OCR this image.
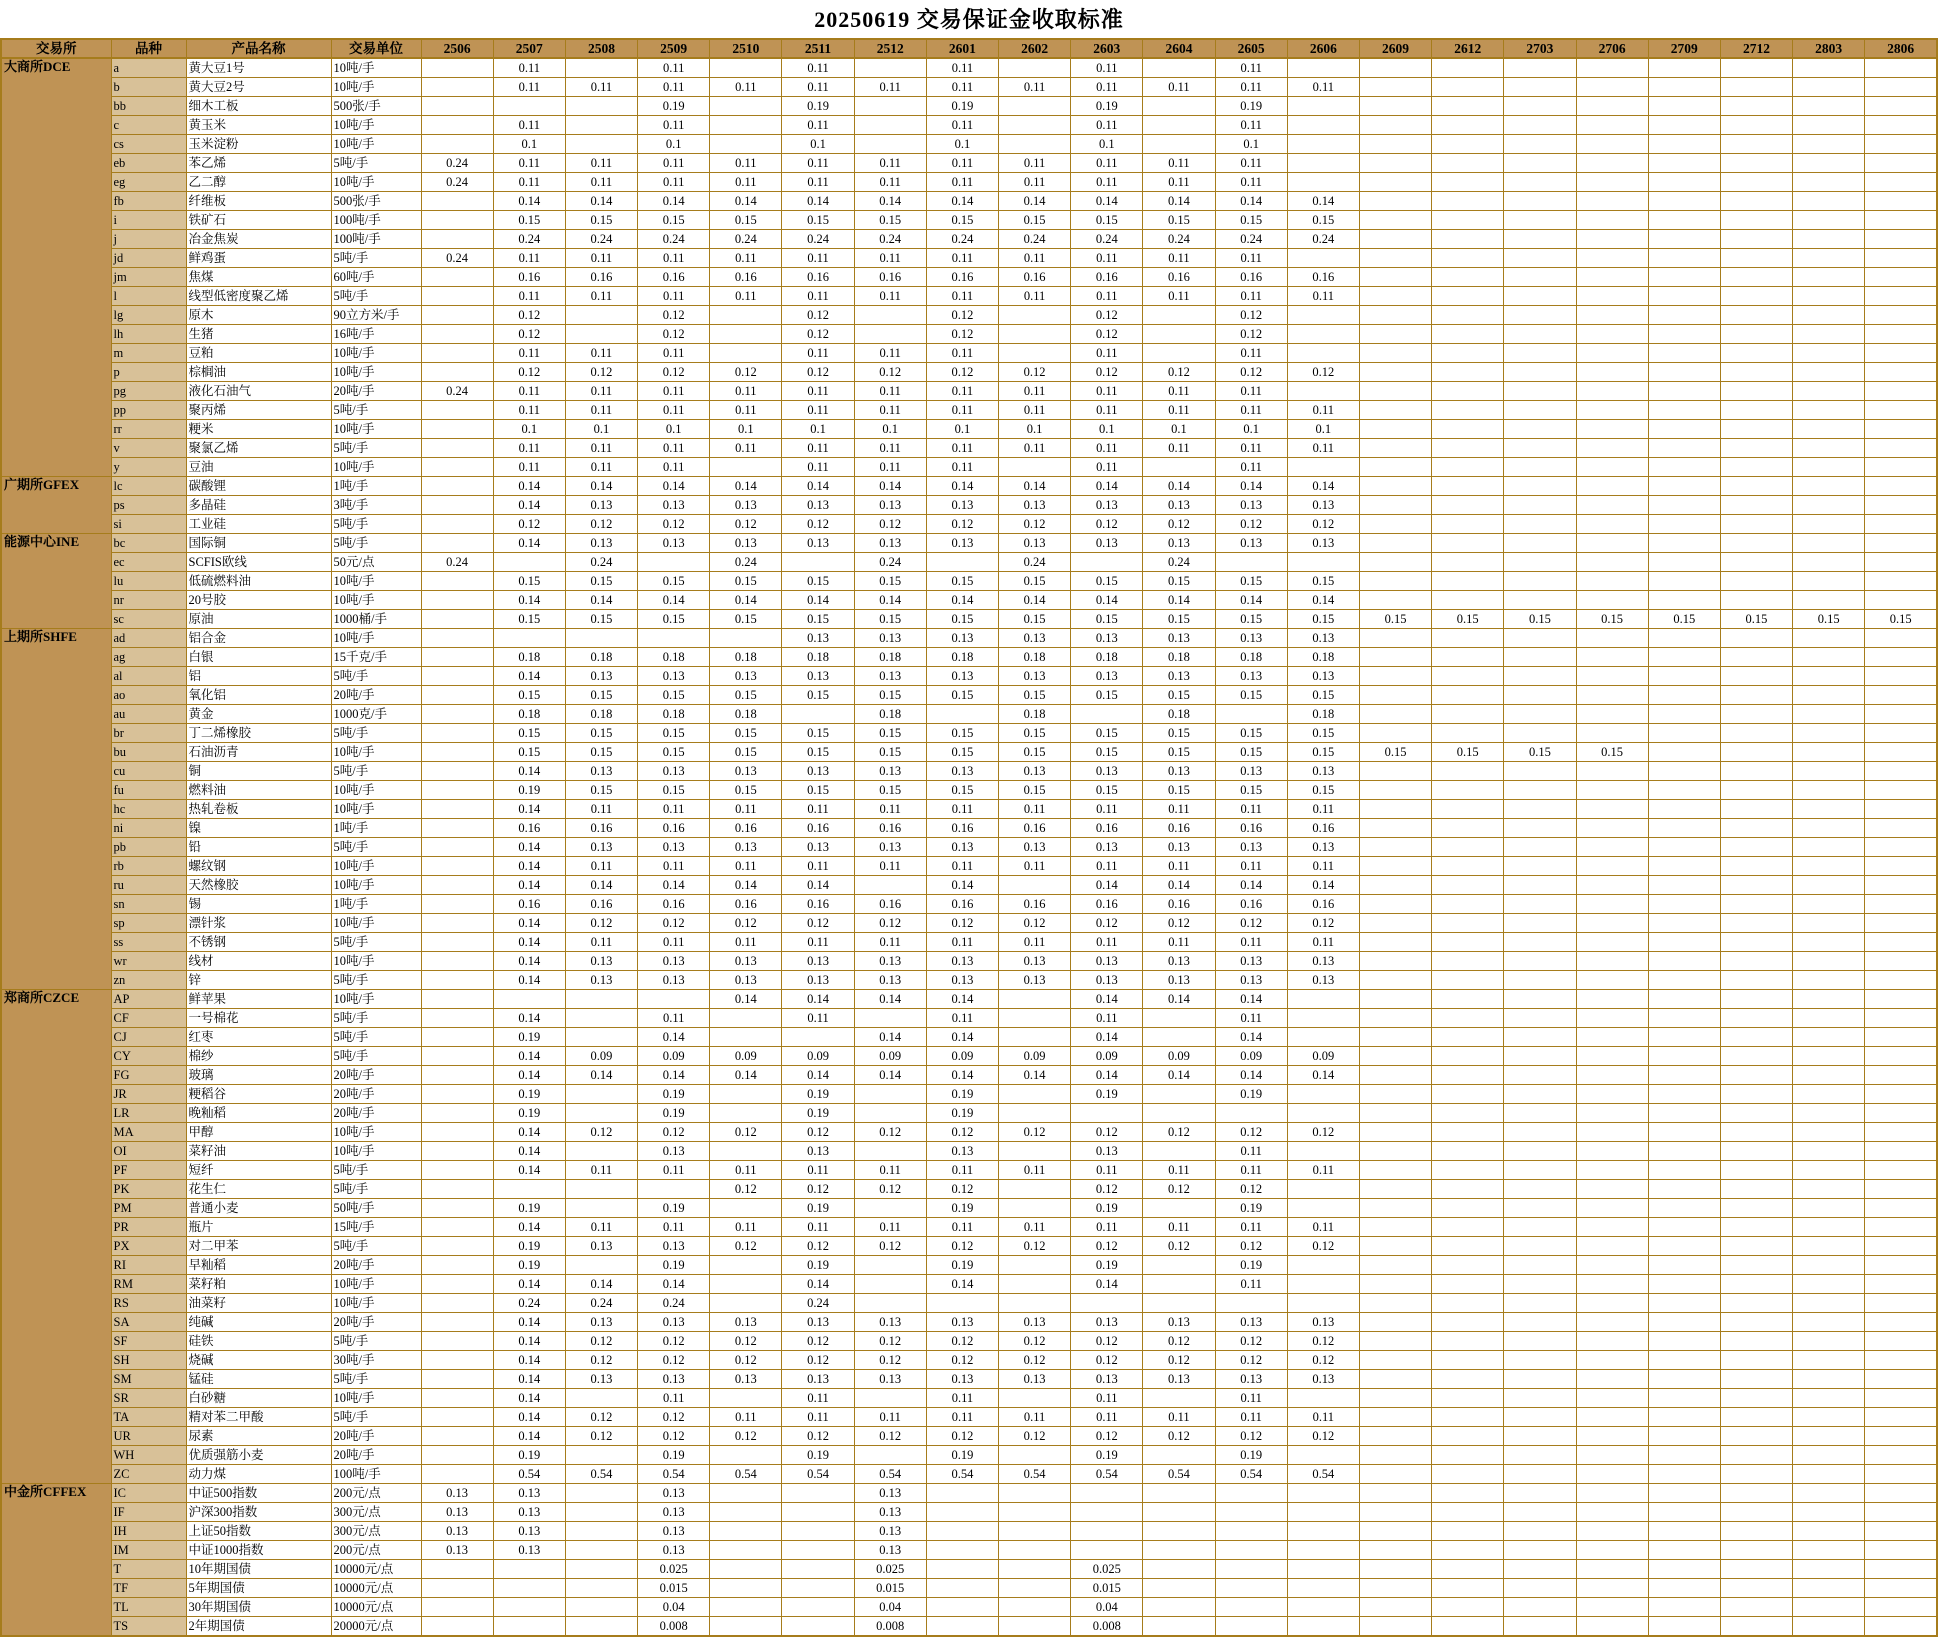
20250619 交易保证金收取标准
交易所	品种	产品名称	交易单位	2506	2507	2508	2509	2510	2511	2512	2601	2602	2603	2604	2605	2606	2609	2612	2703	2706	2709	2712	2803	2806
大商所DCE	a	黄大豆1号	10吨/手		0.11		0.11		0.11		0.11		0.11		0.11									
	b	黄大豆2号	10吨/手		0.11	0.11	0.11	0.11	0.11	0.11	0.11	0.11	0.11	0.11	0.11	0.11								
	bb	细木工板	500张/手				0.19		0.19		0.19		0.19		0.19									
	c	黄玉米	10吨/手		0.11		0.11		0.11		0.11		0.11		0.11									
	cs	玉米淀粉	10吨/手		0.1		0.1		0.1		0.1		0.1		0.1									
	eb	苯乙烯	5吨/手	0.24	0.11	0.11	0.11	0.11	0.11	0.11	0.11	0.11	0.11	0.11	0.11									
	eg	乙二醇	10吨/手	0.24	0.11	0.11	0.11	0.11	0.11	0.11	0.11	0.11	0.11	0.11	0.11									
	fb	纤维板	500张/手		0.14	0.14	0.14	0.14	0.14	0.14	0.14	0.14	0.14	0.14	0.14	0.14								
	i	铁矿石	100吨/手		0.15	0.15	0.15	0.15	0.15	0.15	0.15	0.15	0.15	0.15	0.15	0.15								
	j	冶金焦炭	100吨/手		0.24	0.24	0.24	0.24	0.24	0.24	0.24	0.24	0.24	0.24	0.24	0.24								
	jd	鲜鸡蛋	5吨/手	0.24	0.11	0.11	0.11	0.11	0.11	0.11	0.11	0.11	0.11	0.11	0.11									
	jm	焦煤	60吨/手		0.16	0.16	0.16	0.16	0.16	0.16	0.16	0.16	0.16	0.16	0.16	0.16								
	l	线型低密度聚乙烯	5吨/手		0.11	0.11	0.11	0.11	0.11	0.11	0.11	0.11	0.11	0.11	0.11	0.11								
	lg	原木	90立方米/手		0.12		0.12		0.12		0.12		0.12		0.12									
	lh	生猪	16吨/手		0.12		0.12		0.12		0.12		0.12		0.12									
	m	豆粕	10吨/手		0.11	0.11	0.11		0.11	0.11	0.11		0.11		0.11									
	p	棕榈油	10吨/手		0.12	0.12	0.12	0.12	0.12	0.12	0.12	0.12	0.12	0.12	0.12	0.12								
	pg	液化石油气	20吨/手	0.24	0.11	0.11	0.11	0.11	0.11	0.11	0.11	0.11	0.11	0.11	0.11									
	pp	聚丙烯	5吨/手		0.11	0.11	0.11	0.11	0.11	0.11	0.11	0.11	0.11	0.11	0.11	0.11								
	rr	粳米	10吨/手		0.1	0.1	0.1	0.1	0.1	0.1	0.1	0.1	0.1	0.1	0.1	0.1								
	v	聚氯乙烯	5吨/手		0.11	0.11	0.11	0.11	0.11	0.11	0.11	0.11	0.11	0.11	0.11	0.11								
	y	豆油	10吨/手		0.11	0.11	0.11		0.11	0.11	0.11		0.11		0.11									
广期所GFEX	lc	碳酸锂	1吨/手		0.14	0.14	0.14	0.14	0.14	0.14	0.14	0.14	0.14	0.14	0.14	0.14								
	ps	多晶硅	3吨/手		0.14	0.13	0.13	0.13	0.13	0.13	0.13	0.13	0.13	0.13	0.13	0.13								
	si	工业硅	5吨/手		0.12	0.12	0.12	0.12	0.12	0.12	0.12	0.12	0.12	0.12	0.12	0.12								
能源中心INE	bc	国际铜	5吨/手		0.14	0.13	0.13	0.13	0.13	0.13	0.13	0.13	0.13	0.13	0.13	0.13								
	ec	SCFIS欧线	50元/点	0.24		0.24		0.24		0.24		0.24		0.24										
	lu	低硫燃料油	10吨/手		0.15	0.15	0.15	0.15	0.15	0.15	0.15	0.15	0.15	0.15	0.15	0.15								
	nr	20号胶	10吨/手		0.14	0.14	0.14	0.14	0.14	0.14	0.14	0.14	0.14	0.14	0.14	0.14								
	sc	原油	1000桶/手		0.15	0.15	0.15	0.15	0.15	0.15	0.15	0.15	0.15	0.15	0.15	0.15	0.15	0.15	0.15	0.15	0.15	0.15	0.15	0.15
上期所SHFE	ad	铝合金	10吨/手						0.13	0.13	0.13	0.13	0.13	0.13	0.13	0.13								
	ag	白银	15千克/手		0.18	0.18	0.18	0.18	0.18	0.18	0.18	0.18	0.18	0.18	0.18	0.18								
	al	铝	5吨/手		0.14	0.13	0.13	0.13	0.13	0.13	0.13	0.13	0.13	0.13	0.13	0.13								
	ao	氧化铝	20吨/手		0.15	0.15	0.15	0.15	0.15	0.15	0.15	0.15	0.15	0.15	0.15	0.15								
	au	黄金	1000克/手		0.18	0.18	0.18	0.18		0.18		0.18		0.18		0.18								
	br	丁二烯橡胶	5吨/手		0.15	0.15	0.15	0.15	0.15	0.15	0.15	0.15	0.15	0.15	0.15	0.15								
	bu	石油沥青	10吨/手		0.15	0.15	0.15	0.15	0.15	0.15	0.15	0.15	0.15	0.15	0.15	0.15	0.15	0.15	0.15	0.15				
	cu	铜	5吨/手		0.14	0.13	0.13	0.13	0.13	0.13	0.13	0.13	0.13	0.13	0.13	0.13								
	fu	燃料油	10吨/手		0.19	0.15	0.15	0.15	0.15	0.15	0.15	0.15	0.15	0.15	0.15	0.15								
	hc	热轧卷板	10吨/手		0.14	0.11	0.11	0.11	0.11	0.11	0.11	0.11	0.11	0.11	0.11	0.11								
	ni	镍	1吨/手		0.16	0.16	0.16	0.16	0.16	0.16	0.16	0.16	0.16	0.16	0.16	0.16								
	pb	铅	5吨/手		0.14	0.13	0.13	0.13	0.13	0.13	0.13	0.13	0.13	0.13	0.13	0.13								
	rb	螺纹钢	10吨/手		0.14	0.11	0.11	0.11	0.11	0.11	0.11	0.11	0.11	0.11	0.11	0.11								
	ru	天然橡胶	10吨/手		0.14	0.14	0.14	0.14	0.14		0.14		0.14	0.14	0.14	0.14								
	sn	锡	1吨/手		0.16	0.16	0.16	0.16	0.16	0.16	0.16	0.16	0.16	0.16	0.16	0.16								
	sp	漂针浆	10吨/手		0.14	0.12	0.12	0.12	0.12	0.12	0.12	0.12	0.12	0.12	0.12	0.12								
	ss	不锈钢	5吨/手		0.14	0.11	0.11	0.11	0.11	0.11	0.11	0.11	0.11	0.11	0.11	0.11								
	wr	线材	10吨/手		0.14	0.13	0.13	0.13	0.13	0.13	0.13	0.13	0.13	0.13	0.13	0.13								
	zn	锌	5吨/手		0.14	0.13	0.13	0.13	0.13	0.13	0.13	0.13	0.13	0.13	0.13	0.13								
郑商所CZCE	AP	鲜苹果	10吨/手					0.14	0.14	0.14	0.14		0.14	0.14	0.14									
	CF	一号棉花	5吨/手		0.14		0.11		0.11		0.11		0.11		0.11									
	CJ	红枣	5吨/手		0.19		0.14			0.14	0.14		0.14		0.14									
	CY	棉纱	5吨/手		0.14	0.09	0.09	0.09	0.09	0.09	0.09	0.09	0.09	0.09	0.09	0.09								
	FG	玻璃	20吨/手		0.14	0.14	0.14	0.14	0.14	0.14	0.14	0.14	0.14	0.14	0.14	0.14								
	JR	粳稻谷	20吨/手		0.19		0.19		0.19		0.19		0.19		0.19									
	LR	晚籼稻	20吨/手		0.19		0.19		0.19		0.19													
	MA	甲醇	10吨/手		0.14	0.12	0.12	0.12	0.12	0.12	0.12	0.12	0.12	0.12	0.12	0.12								
	OI	菜籽油	10吨/手		0.14		0.13		0.13		0.13		0.13		0.11									
	PF	短纤	5吨/手		0.14	0.11	0.11	0.11	0.11	0.11	0.11	0.11	0.11	0.11	0.11	0.11								
	PK	花生仁	5吨/手					0.12	0.12	0.12	0.12		0.12	0.12	0.12									
	PM	普通小麦	50吨/手		0.19		0.19		0.19		0.19		0.19		0.19									
	PR	瓶片	15吨/手		0.14	0.11	0.11	0.11	0.11	0.11	0.11	0.11	0.11	0.11	0.11	0.11								
	PX	对二甲苯	5吨/手		0.19	0.13	0.13	0.12	0.12	0.12	0.12	0.12	0.12	0.12	0.12	0.12								
	RI	早籼稻	20吨/手		0.19		0.19		0.19		0.19		0.19		0.19									
	RM	菜籽粕	10吨/手		0.14	0.14	0.14		0.14		0.14		0.14		0.11									
	RS	油菜籽	10吨/手		0.24	0.24	0.24		0.24															
	SA	纯碱	20吨/手		0.14	0.13	0.13	0.13	0.13	0.13	0.13	0.13	0.13	0.13	0.13	0.13								
	SF	硅铁	5吨/手		0.14	0.12	0.12	0.12	0.12	0.12	0.12	0.12	0.12	0.12	0.12	0.12								
	SH	烧碱	30吨/手		0.14	0.12	0.12	0.12	0.12	0.12	0.12	0.12	0.12	0.12	0.12	0.12								
	SM	锰硅	5吨/手		0.14	0.13	0.13	0.13	0.13	0.13	0.13	0.13	0.13	0.13	0.13	0.13								
	SR	白砂糖	10吨/手		0.14		0.11		0.11		0.11		0.11		0.11									
	TA	精对苯二甲酸	5吨/手		0.14	0.12	0.12	0.11	0.11	0.11	0.11	0.11	0.11	0.11	0.11	0.11								
	UR	尿素	20吨/手		0.14	0.12	0.12	0.12	0.12	0.12	0.12	0.12	0.12	0.12	0.12	0.12								
	WH	优质强筋小麦	20吨/手		0.19		0.19		0.19		0.19		0.19		0.19									
	ZC	动力煤	100吨/手		0.54	0.54	0.54	0.54	0.54	0.54	0.54	0.54	0.54	0.54	0.54	0.54								
中金所CFFEX	IC	中证500指数	200元/点	0.13	0.13		0.13			0.13														
	IF	沪深300指数	300元/点	0.13	0.13		0.13			0.13														
	IH	上证50指数	300元/点	0.13	0.13		0.13			0.13														
	IM	中证1000指数	200元/点	0.13	0.13		0.13			0.13														
	T	10年期国债	10000元/点				0.025			0.025			0.025											
	TF	5年期国债	10000元/点				0.015			0.015			0.015											
	TL	30年期国债	10000元/点				0.04			0.04			0.04											
	TS	2年期国债	20000元/点				0.008			0.008			0.008											
